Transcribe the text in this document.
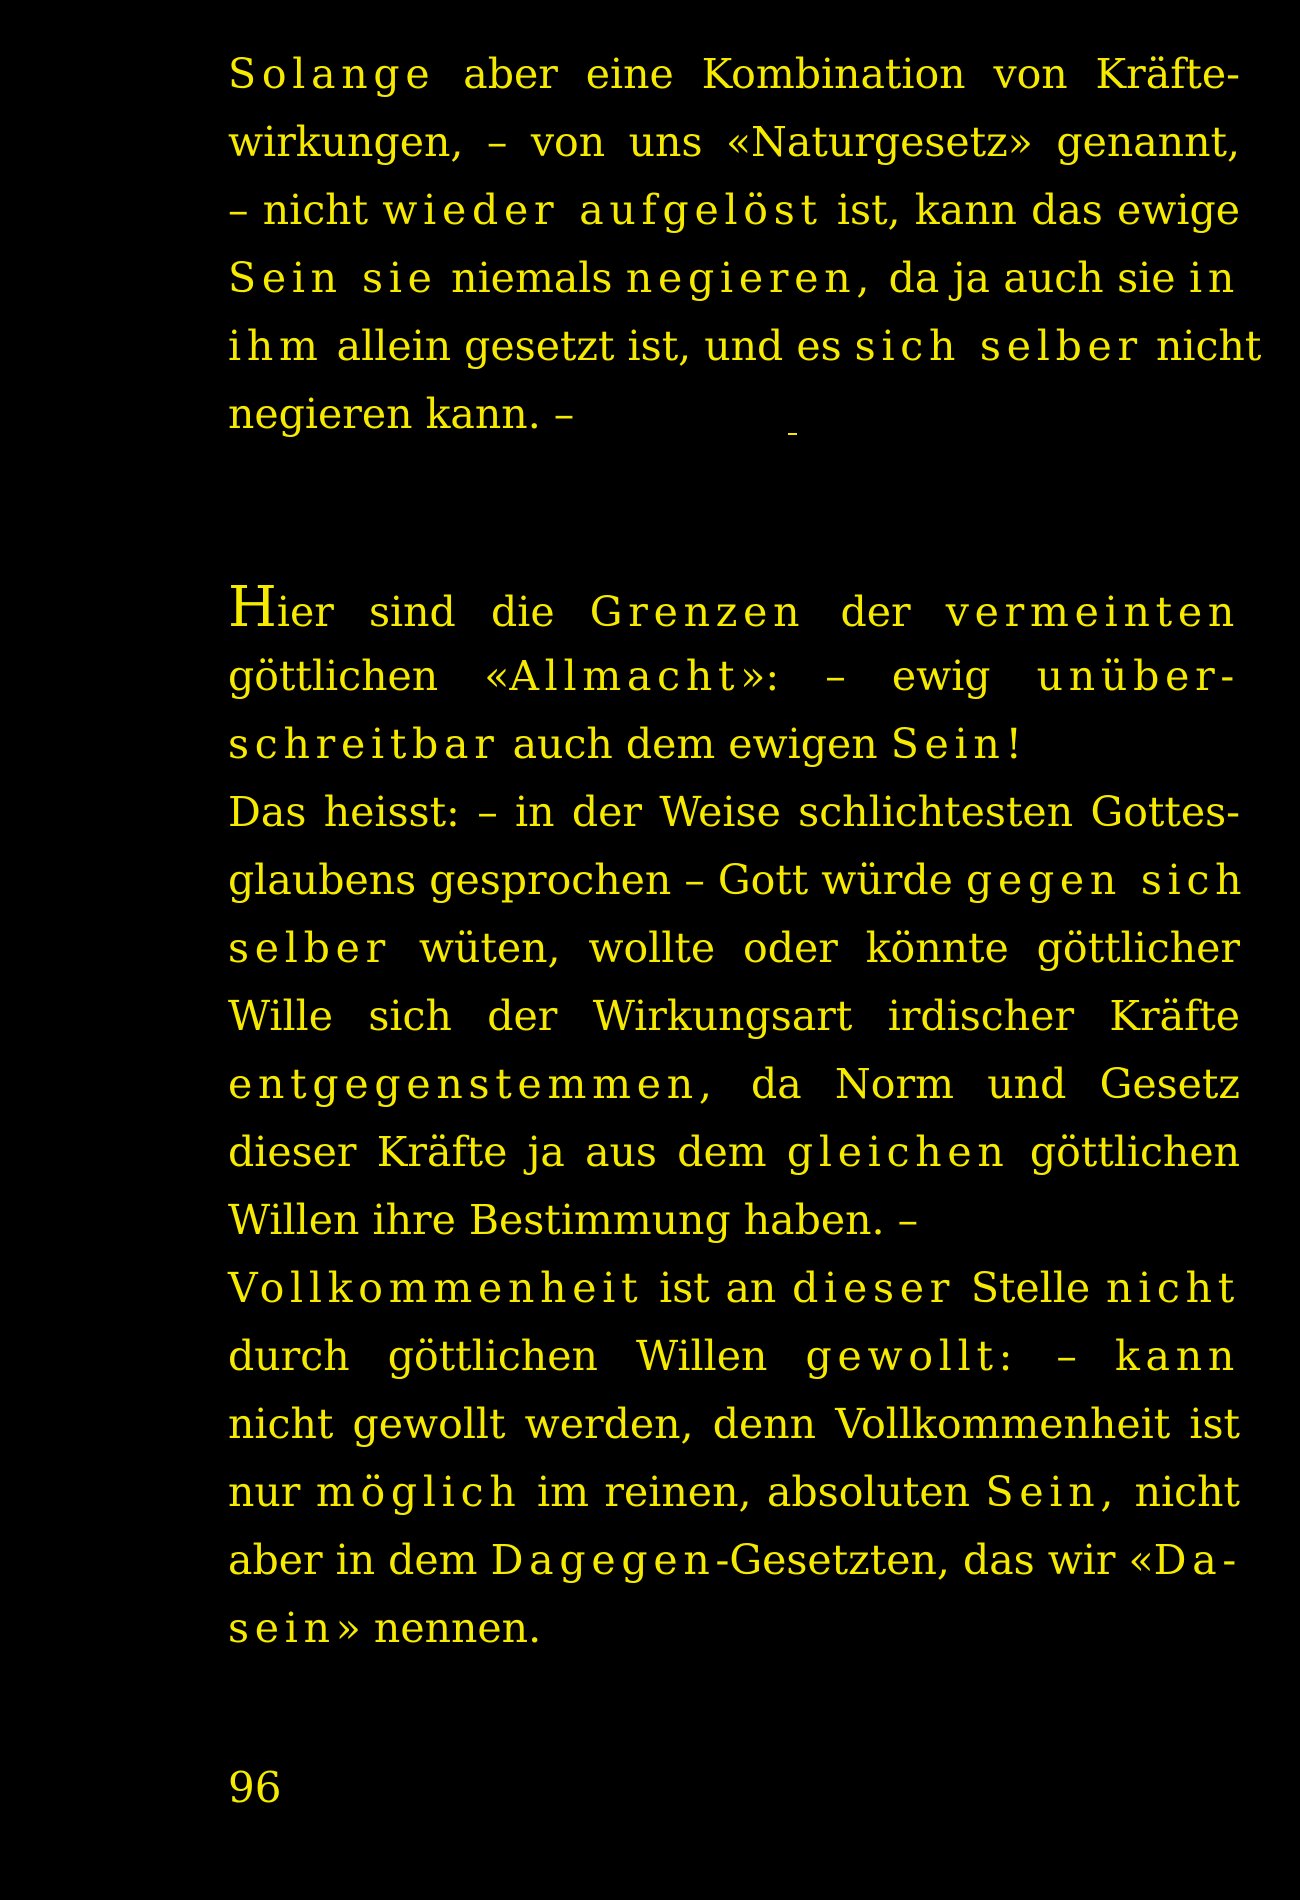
Solange aber eine Kombination von Kräfte-
wirkungen, – von uns «Naturgesetz» genannt,
– nicht wieder aufgelöst ist, kann das ewige
Sein sie niemals negieren, da ja auch sie in
ihm allein gesetzt ist, und es sich selber nicht
negieren kann. –
Hier sind die Grenzen der vermeinten
göttlichen «Allmacht»: – ewig unüber-
schreitbar auch dem ewigen Sein!
Das heisst: – in der Weise schlichtesten Gottes-
glaubens gesprochen – Gott würde gegen sich
selber wüten, wollte oder könnte göttlicher
Wille sich der Wirkungsart irdischer Kräfte
entgegenstemmen, da Norm und Gesetz
dieser Kräfte ja aus dem gleichen göttlichen
Willen ihre Bestimmung haben. –
Vollkommenheit ist an dieser Stelle nicht
durch göttlichen Willen gewollt: – kann
nicht gewollt werden, denn Vollkommenheit ist
nur möglich im reinen, absoluten Sein, nicht
aber in dem Dagegen-Gesetzten, das wir «Da-
sein» nennen.
96
